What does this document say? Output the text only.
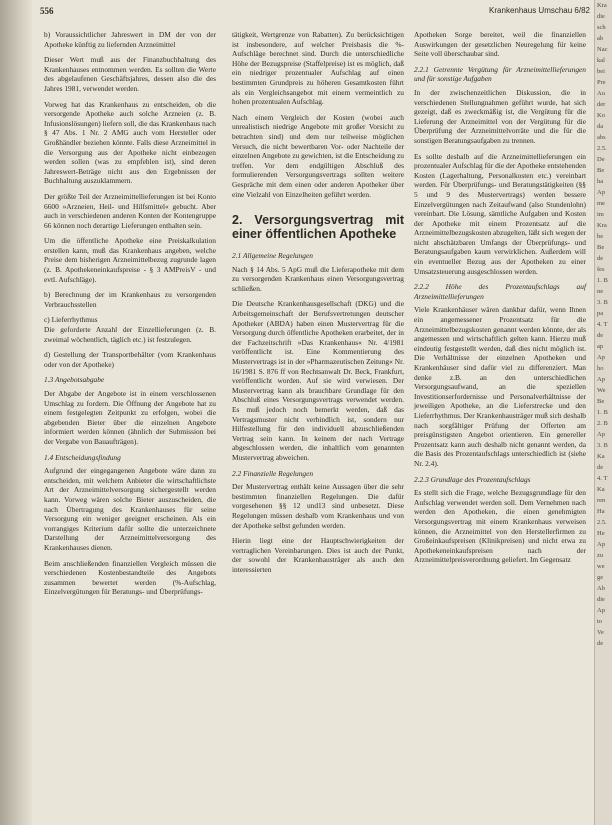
556	Krankenhaus Umschau 6/82

b) Voraussichtlicher Jahreswert in DM der von der Apotheke künftig zu liefernden Arzneimittel

Dieser Wert muß aus der Finanzbuchhaltung des Krankenhauses entnommen werden. Es sollten die Werte des abgelaufenen Geschäftsjahres, dessen also die des Jahres 1981, verwendet werden.

Vorweg hat das Krankenhaus zu entscheiden, ob die versorgende Apotheke auch solche Arzneien (z. B. Infusionslösungen) liefern soll, die das Krankenhaus nach § 47 Abs. 1 Nr. 2 AMG auch vom Hersteller oder Großhändler beziehen könnte. Falls diese Arzneimittel in die Versorgung aus der Apotheke nicht einbezogen werden sollen (was zu empfehlen ist), sind deren Jahreswert-Beträge nicht aus den Ergebnissen der Buchhaltung auszuklammern.

Der größte Teil der Arzneimittellieferungen ist bei Konto 6600 »Arzneien, Heil- und Hilfsmittel« gebucht. Aber auch in verschiedenen anderen Konten der Kontengruppe 66 können noch derartige Lieferungen enthalten sein.

Um die öffentliche Apotheke eine Preiskalkulation erstellen kann, muß das Krankenhaus angeben, welche Preise dem bisherigen Arzneimittelbezug zugrunde lagen (z. B. Apothekeneinkaufspreise - § 3 AMPreisV - und evtl. Aufschläge).

b) Berechnung der im Krankenhaus zu versorgenden Verbrauchsstellen

c) Lieferrhythmus
Die geforderte Anzahl der Einzellieferungen (z. B. zweimal wöchentlich, täglich etc.) ist festzulegen.

d) Gestellung der Transportbehälter (vom Krankenhaus oder von der Apotheke)

1.3 Angebotsabgabe

Der Abgabe der Angebote ist in einem verschlossenen Umschlag zu fordern. Die Öffnung der Angebote hat zu einem festgelegten Zeitpunkt zu erfolgen, wobei die abgebenden Bieter über die einzelnen Angebote informiert werden können (ähnlich der Submission bei der Vergabe von Bauaufträgen).

1.4 Entscheidungsfindung

Aufgrund der eingegangenen Angebote wäre dann zu entscheiden, mit welchem Anbieter die wirtschaftlichste Art der Arzneimittelversorgung sichergestellt werden kann. Vorweg wären solche Bieter auszuscheiden, die nach Übertragung des Krankenhauses für seine Versorgung ein weniger geeignet erscheinen. Als ein vorrangiges Kriterium dafür sollte die unterzeichnete Darstellung der Arzneimittelversorgung des Krankenhauses dienen.

Beim anschließenden finanziellen Vergleich müssen die verschiedenen Kostenbestandteile des Angebots zusammen bewertet werden (%-Aufschlag, Einzelvergütungen für Beratungs- und Überprüfungs-

tätigkeit, Wertgrenze von Rabatten). Zu berücksichtigen ist insbesondere, auf welcher Preisbasis die %-Aufschläge berechnet sind. Durch die unterschiedliche Höhe der Bezugspreise (Staffelpreise) ist es möglich, daß ein niedriger prozentualer Aufschlag auf einen bestimmten Grundpreis zu höheren Gesamtkosten führt als ein Vergleichsangebot mit einem vermeintlich zu hohen prozentualen Aufschlag.

Nach einem Vergleich der Kosten (wobei auch unrealistisch niedrige Angebote mit großer Vorsicht zu betrachten sind) und dem nur teilweise möglichen Versuch, die nicht bewertbaren Vor- oder Nachteile der einzelnen Angebote zu gewichten, ist die Entscheidung zu treffen. Vor dem endgültigen Abschluß des formulierenden Versorgungsvertrags sollten weitere Gespräche mit dem einen oder anderen Apotheker über eine Vielzahl von Einzelheiten geführt werden.

2. Versorgungsvertrag mit einer öffentlichen Apotheke
2.1 Allgemeine Regelungen

Nach § 14 Abs. 5 ApG muß die Lieferapotheke mit dem zu versorgenden Krankenhaus einen Versorgungsvertrag schließen.

Die Deutsche Krankenhausgesellschaft (DKG) und die Arbeitsgemeinschaft der Berufsvertretungen deutscher Apotheker (ABDA) haben einen Mustervertrag für die Versorgung durch öffentliche Apotheken erarbeitet, der in der Fachzeitschrift »Das Krankenhaus« Nr. 4/1981 veröffentlicht ist. Eine Kommentierung des Mustervertrags ist in der »Pharmazeutischen Zeitung« Nr. 16/1981 S. 876 ff von Rechtsanwalt Dr. Beck, Frankfurt, veröffentlicht worden. Auf sie wird verwiesen. Der Mustervertrag kann als brauchbare Grundlage für den Abschluß eines Versorgungsvertrags verwendet werden. Es muß jedoch noch bemerkt werden, daß das Vertragsmuster nicht verbindlich ist, sondern nur Hilfestellung für den individuell abzuschließenden Vertrag sein kann. In keinem der nach Vertrage abgeschlossen werden, die inhaltlich vom genannten Mustervertrag abweichen.

2.2 Finanzielle Regelungen

Der Mustervertrag enthält keine Aussagen über die sehr bestimmten finanziellen Regelungen. Die dafür vorgesehenen §§ 12 und13 sind unbesetzt. Diese Regelungen müssen deshalb vom Krankenhaus und von der Apotheke selbst gefunden werden.

Hierin liegt eine der Hauptschwierigkeiten der vertraglichen Vereinbarungen. Dies ist auch der Punkt, der sowohl der Krankenhausträger als auch den interessierten

Apotheken Sorge bereitet, weil die finanziellen Auswirkungen der gesetzlichen Neuregelung für keine Seite voll überschaubar sind.

2.2.1 Getrennte Vergütung für Arzneimittellieferungen und für sonstige Aufgaben

In der zwischenzeitlichen Diskussion, die in verschiedenen Stellungnahmen geführt wurde, hat sich gezeigt, daß es zweckmäßig ist, die Vergütung für die Lieferung der Arzneimittel von der Vergütung für die Überprüfung der Arzneimittelvorräte und die für die sonstigen Beratungsaufgaben zu trennen.

Es sollte deshalb auf die Arzneimittellieferungen ein prozentualer Aufschlag für die der Apotheke entstehenden Kosten (Lagerhaltung, Personalkosten etc.) vereinbart werden. Für Überprüfungs- und Beratungstätigkeiten (§§ 5 und 9 des Mustervertrags) werden bessere Einzelvergütungen nach Zeitaufwand (also Stundenlohn) vereinbart. Die Lösung, sämtliche Aufgaben und Kosten der Apotheke mit einem Prozentsatz auf die Arzneimittelbezugskosten abzugelten, läßt sich wegen der nicht abschätzbaren Umfangs der Überprüfungs- und Beratungsaufgaben kaum verwirklichen. Außerdem will ein eventueller Bezug aus der Apotheken zu einer Umsatzsteuerung ausgeschlossen werden.

2.2.2 Höhe des Prozentaufschlags auf Arzneimittellieferungen

Viele Krankenhäuser wären dankbar dafür, wenn Ihnen ein angemessener Prozentsatz für die Arzneimittelbezugskosten genannt werden könnte, der als angemessen und wirtschaftlich gelten kann. Hierzu muß eindeutig festgestellt werden, daß dies nicht möglich ist. Die Verhältnisse der einzelnen Apotheken und Krankenhäuser sind dafür viel zu differenziert. Man denke z.B. an den unterschiedlichen Versorgungsaufwand, an die speziellen Investitionserfordernisse und Personalverhältnisse der jeweiligen Apotheke, an die Lieferstrecke und den Lieferrhythmus. Der Krankenhausträger muß sich deshalb nach sorgfältiger Prüfung der Offerten am preisgünstigsten Angebot orientieren. Ein genereller Prozentsatz kann auch deshalb nicht genannt werden, da die Basis des Prozentaufschlags unterschiedlich ist (siehe Nr. 2.4).

2.2.3 Grundlage des Prozentaufschlags

Es stellt sich die Frage, welche Bezugsgrundlage für den Aufschlag verwendet werden soll. Dem Vernehmen nach werden den Apotheken, die einen genehmigten Versorgungsvertrag mit einem Krankenhaus verweisen können, die Arzneimittel von den Herstellerfirmen zu Großeinkaufspreisen (Klinikpreisen) und nicht etwa zu Apothekeneinkaufspreisen nach der Arzneimittelpreisverordnung geliefert. Im Gegensatz

Kra
die
sch
ab
Nac
kal
bei
Pre
Au
der
Ko
da
abs
2.5.
De
Be
ha
Ap
me
im
Kra
be
Be
de
fes
1. B
ne
3. B
pa
4. T
de
ap
Ap
ho
Ap
We
Be
1. B
2. B
Ap
3. B
Ka
de
4. T
Ka
ren
Ha
2.5.
He
Ap
zu
we
ge
Ab
die
Ap
to
Ve
de
